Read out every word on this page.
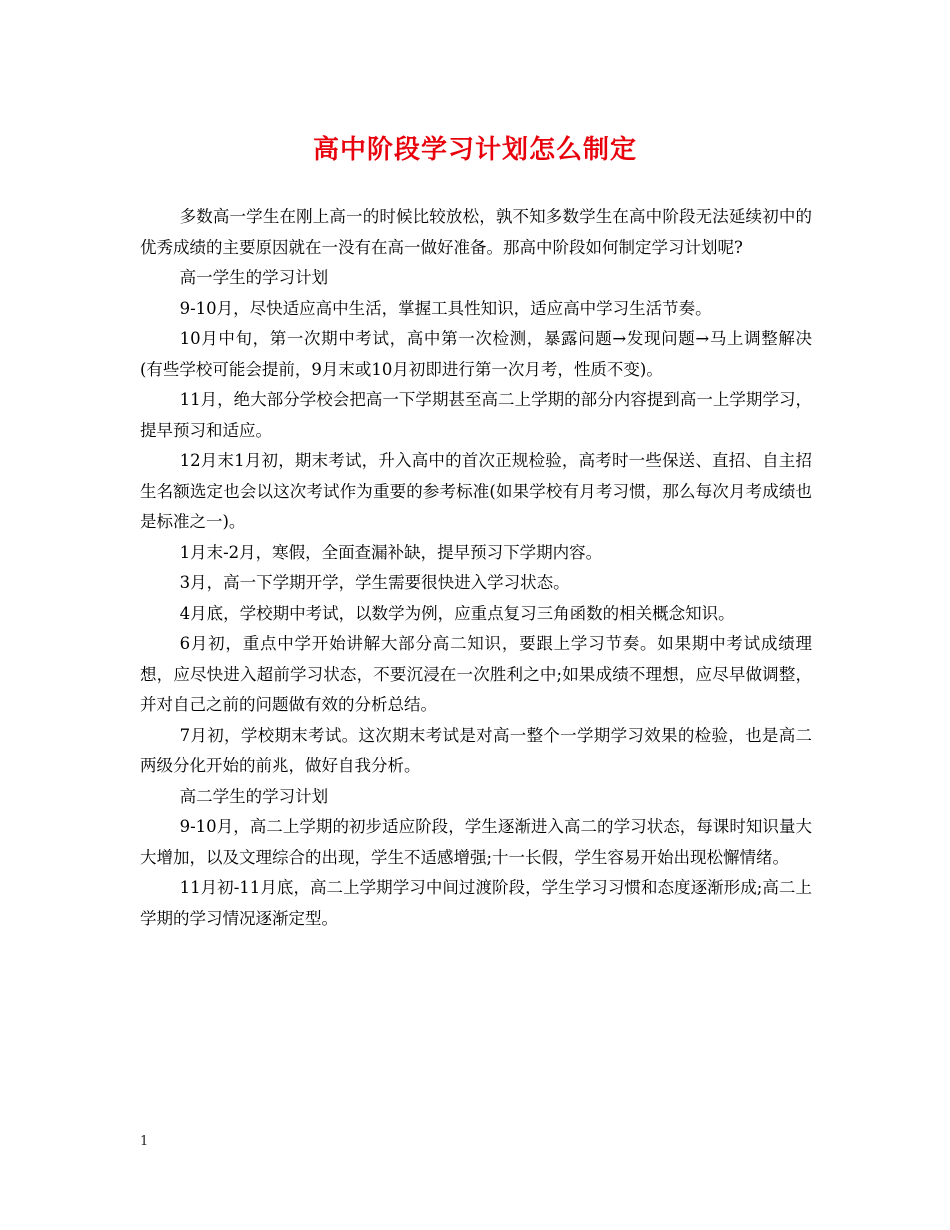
高中阶段学习计划怎么制定

多数高一学生在刚上高一的时候比较放松，孰不知多数学生在高中阶段无法延续初中的优秀成绩的主要原因就在一没有在高一做好准备。那高中阶段如何制定学习计划呢?

高一学生的学习计划

9-10月，尽快适应高中生活，掌握工具性知识，适应高中学习生活节奏。

10月中旬，第一次期中考试，高中第一次检测，暴露问题→发现问题→马上调整解决(有些学校可能会提前，9月末或10月初即进行第一次月考，性质不变)。

11月，绝大部分学校会把高一下学期甚至高二上学期的部分内容提到高一上学期学习，提早预习和适应。

12月末1月初，期末考试，升入高中的首次正规检验，高考时一些保送、直招、自主招生名额选定也会以这次考试作为重要的参考标准(如果学校有月考习惯，那么每次月考成绩也是标准之一)。

1月末-2月，寒假，全面查漏补缺，提早预习下学期内容。

3月，高一下学期开学，学生需要很快进入学习状态。

4月底，学校期中考试，以数学为例，应重点复习三角函数的相关概念知识。

6月初，重点中学开始讲解大部分高二知识，要跟上学习节奏。如果期中考试成绩理想，应尽快进入超前学习状态，不要沉浸在一次胜利之中;如果成绩不理想，应尽早做调整，并对自己之前的问题做有效的分析总结。

7月初，学校期末考试。这次期末考试是对高一整个一学期学习效果的检验，也是高二两级分化开始的前兆，做好自我分析。

高二学生的学习计划

9-10月，高二上学期的初步适应阶段，学生逐渐进入高二的学习状态，每课时知识量大大增加，以及文理综合的出现，学生不适感增强;十一长假，学生容易开始出现松懈情绪。

11月初-11月底，高二上学期学习中间过渡阶段，学生学习习惯和态度逐渐形成;高二上学期的学习情况逐渐定型。

1
